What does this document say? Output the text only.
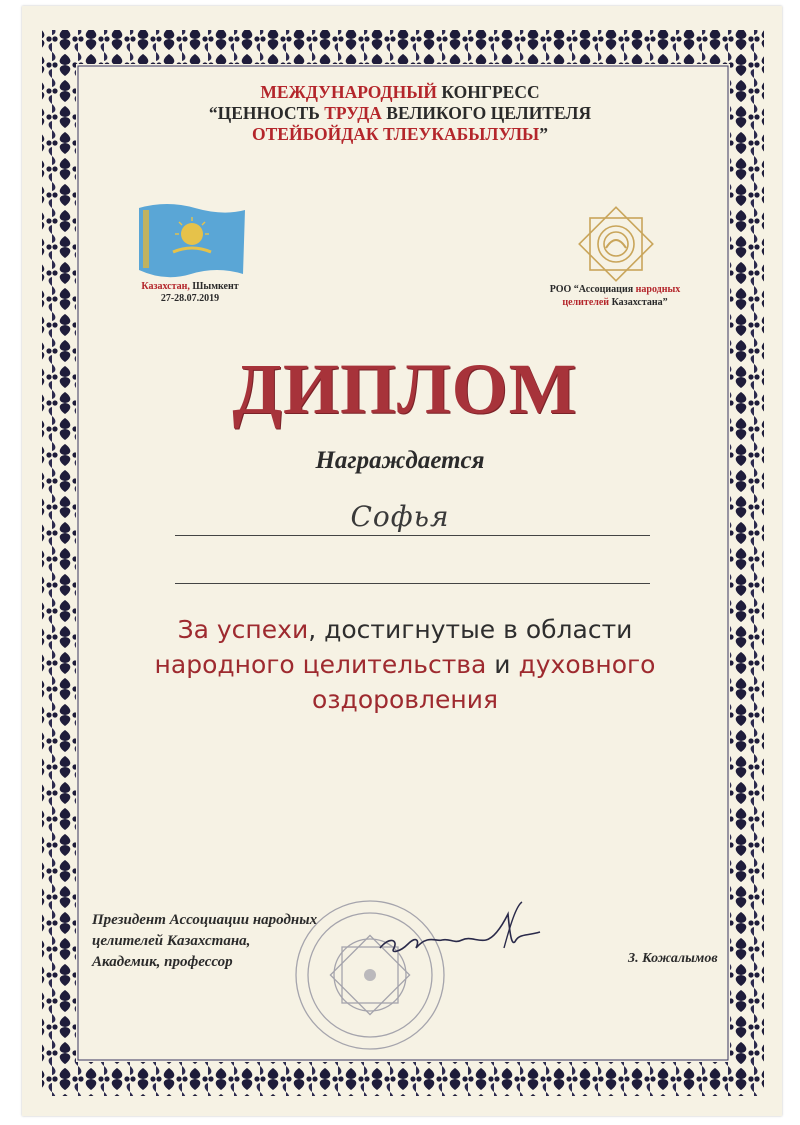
МЕЖДУНАРОДНЫЙ КОНГРЕСС
“ЦЕННОСТЬ ТРУДА ВЕЛИКОГО ЦЕЛИТЕЛЯ
ОТЕЙБОЙДАК ТЛЕУКАБЫЛУЛЫ”
Казахстан, Шымкент
27-28.07.2019
РОО “Ассоциация народных
целителей Казахстана”
ДИПЛОМ
Награждается
Софья
За успехи, достигнутые в области
народного целительства и духовного
оздоровления
Президент Ассоциации народных
целителей Казахстана,
Академик, профессор	З. Кожалымов
